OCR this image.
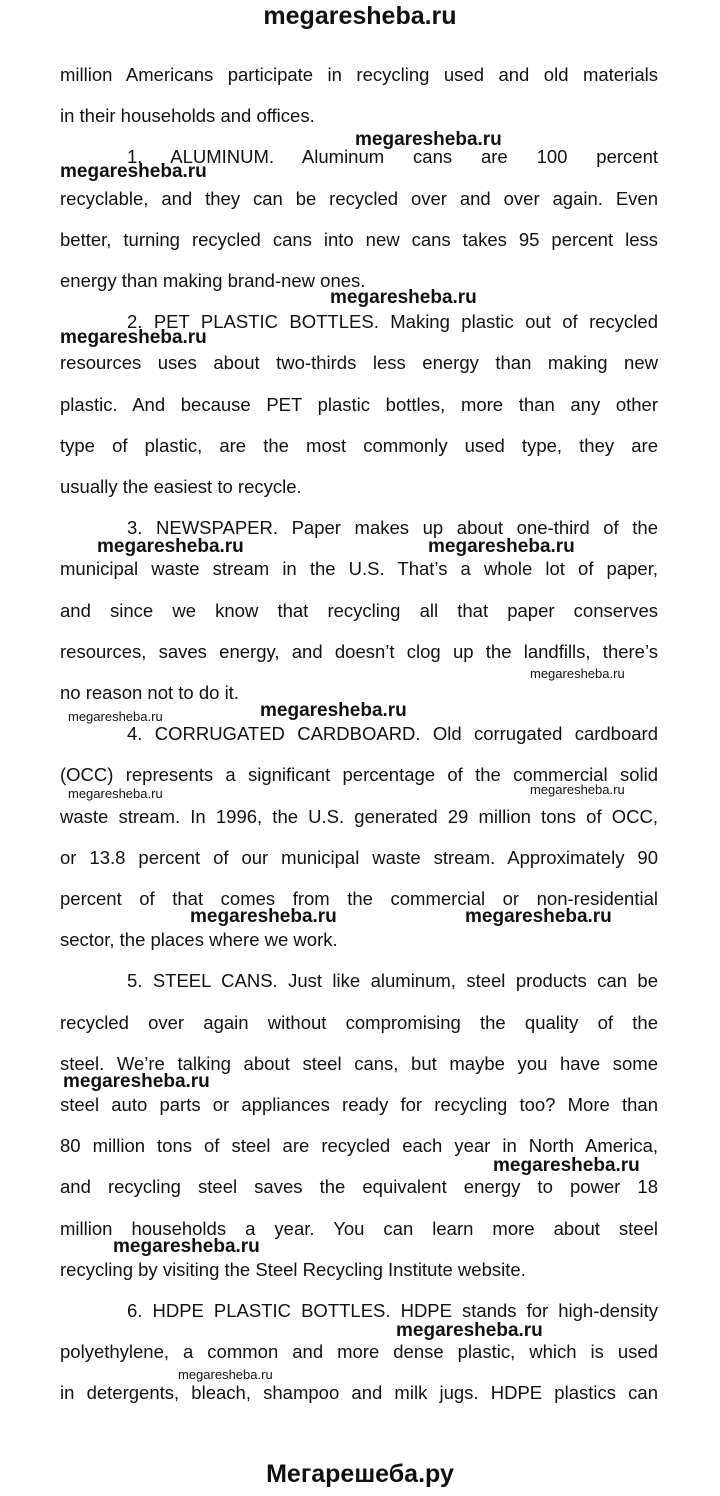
megaresheba.ru
million Americans participate in recycling used and old materials
in their households and offices.
1. ALUMINUM. Aluminum cans are 100 percent
recyclable, and they can be recycled over and over again. Even
better, turning recycled cans into new cans takes 95 percent less
energy than making brand-new ones.
2. PET PLASTIC BOTTLES. Making plastic out of recycled
resources uses about two-thirds less energy than making new
plastic. And because PET plastic bottles, more than any other
type of plastic, are the most commonly used type, they are
usually the easiest to recycle.
3. NEWSPAPER. Paper makes up about one-third of the
municipal waste stream in the U.S. That’s a whole lot of paper,
and since we know that recycling all that paper conserves
resources, saves energy, and doesn’t clog up the landfills, there’s
no reason not to do it.
4. CORRUGATED CARDBOARD. Old corrugated cardboard
(OCC) represents a significant percentage of the commercial solid
waste stream. In 1996, the U.S. generated 29 million tons of OCC,
or 13.8 percent of our municipal waste stream. Approximately 90
percent of that comes from the commercial or non-residential
sector, the places where we work.
5. STEEL CANS. Just like aluminum, steel products can be
recycled over again without compromising the quality of the
steel. We’re talking about steel cans, but maybe you have some
steel auto parts or appliances ready for recycling too? More than
80 million tons of steel are recycled each year in North America,
and recycling steel saves the equivalent energy to power 18
million households a year. You can learn more about steel
recycling by visiting the Steel Recycling Institute website.
6. HDPE PLASTIC BOTTLES. HDPE stands for high-density
polyethylene, a common and more dense plastic, which is used
in detergents, bleach, shampoo and milk jugs. HDPE plastics can
megaresheba.ru
megaresheba.ru
megaresheba.ru
megaresheba.ru
megaresheba.ru	megaresheba.ru
megaresheba.ru
megaresheba.ru	megaresheba.ru
megaresheba.ru	megaresheba.ru
megaresheba.ru	megaresheba.ru
megaresheba.ru
megaresheba.ru
megaresheba.ru
megaresheba.ru
megaresheba.ru
Мегарешеба.ру
